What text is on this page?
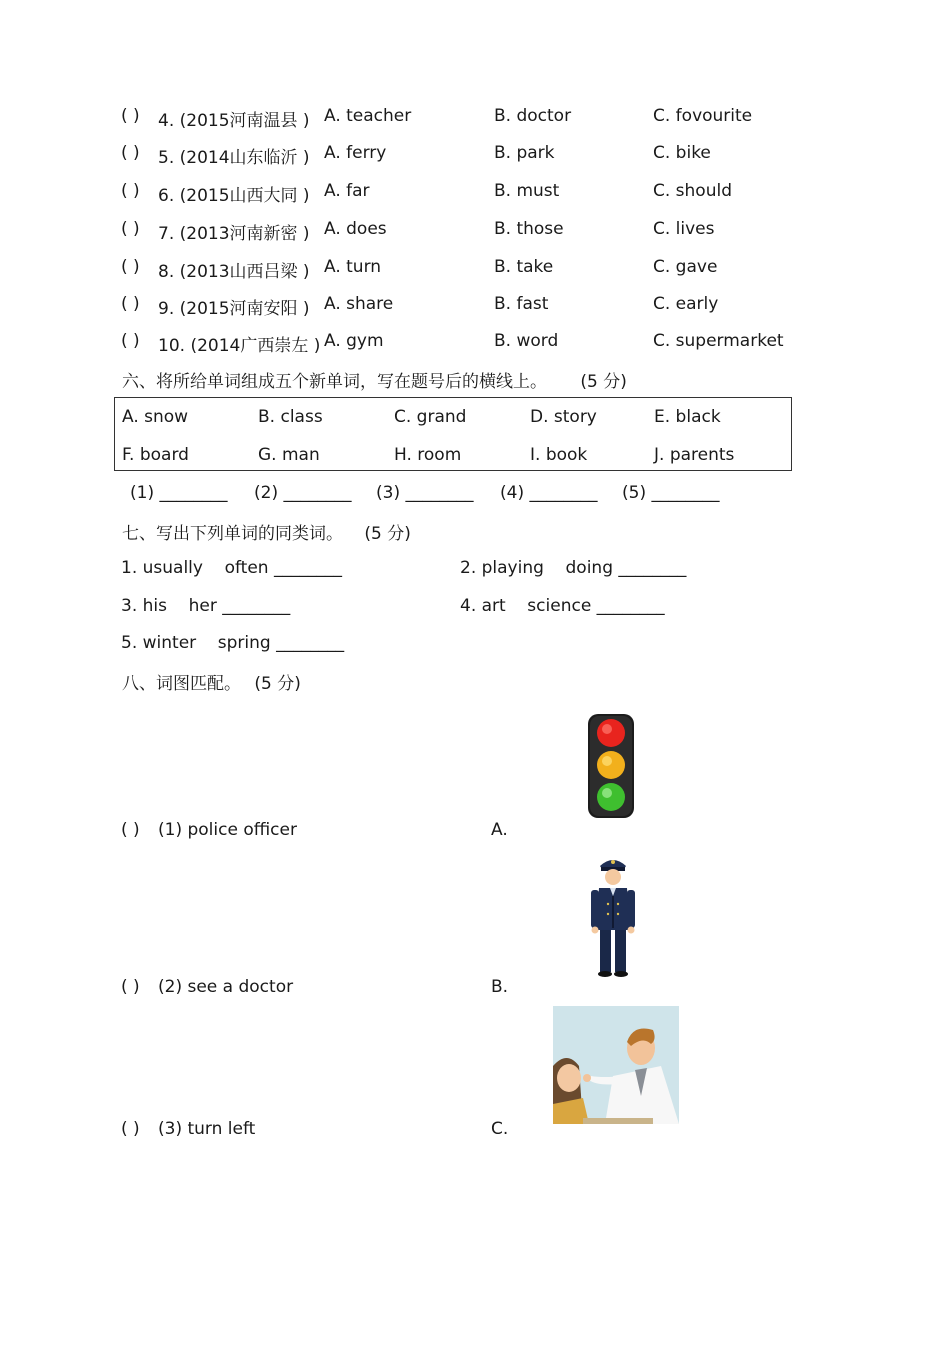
( ) 4. (2015河南温县 ) A. teacher	B. doctor	C. fovourite
( ) 5. (2014山东临沂 ) A. ferry	B. park	C. bike
( ) 6. (2015山西大同 ) A. far	B. must	C. should
( ) 7. (2013河南新密 ) A. does	B. those	C. lives
( ) 8. (2013山西吕梁 ) A. turn	B. take	C. gave
( ) 9. (2015河南安阳 ) A. share	B. fast	C. early
( ) 10. (2014广西崇左 ) A. gym	B. word	C. supermarket
六、将所给单词组成五个新单词，写在题号后的横线上。 (5 分)
A. snow	B. class	C. grand	D. story	E. black
F. board	G. man	H. room	I. book	J. parents
(1) ________ (2) ________ (3) ________ (4) ________ (5) ________
七、写出下列单词的同类词。 (5 分)
1. usually    often ________	2. playing    doing ________
3. his    her ________	4. art    science ________
5. winter    spring ________
八、词图匹配。 (5 分)
( ) (1) police officer	A.
( ) (2) see a doctor	B.
( ) (3) turn left	C.
